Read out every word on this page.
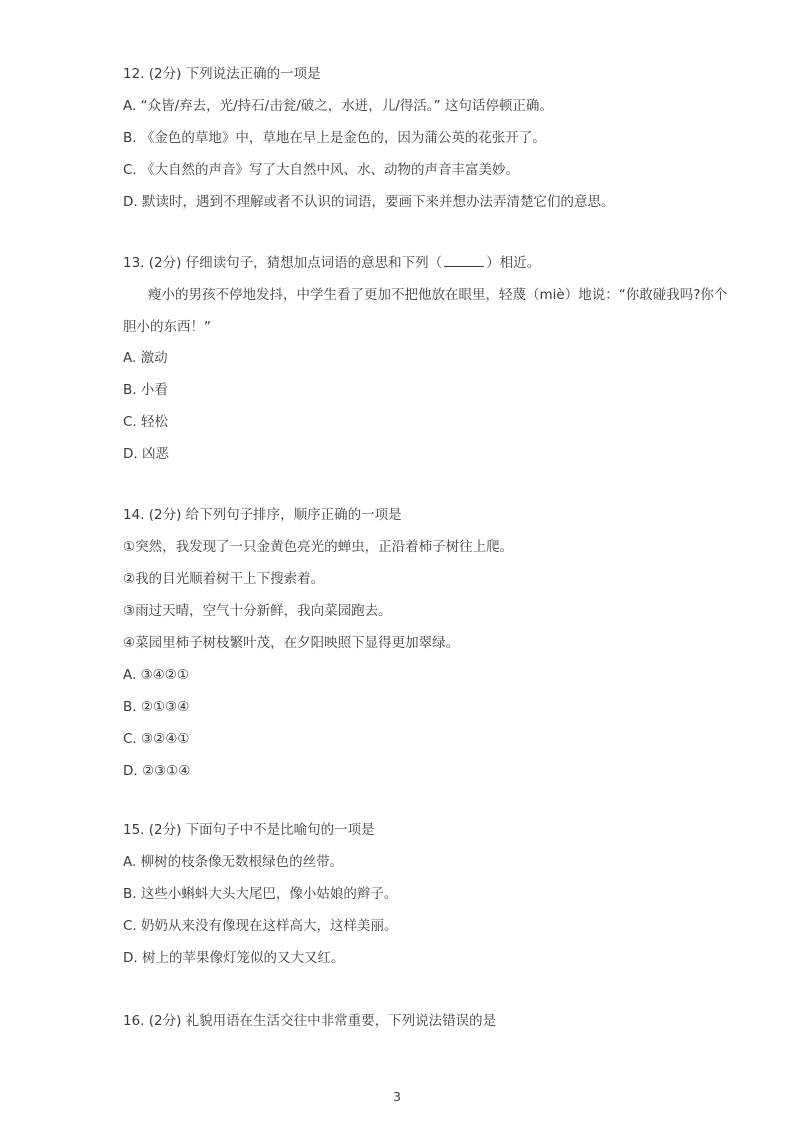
12. (2分) 下列说法正确的一项是
A. “众皆/弃去，光/持石/击瓮/破之，水迸，儿/得活。” 这句话停顿正确。
B. 《金色的草地》中，草地在早上是金色的，因为蒲公英的花张开了。
C. 《大自然的声音》写了大自然中风、水、动物的声音丰富美妙。
D. 默读时，遇到不理解或者不认识的词语，要画下来并想办法弄清楚它们的意思。
13. (2分) 仔细读句子，猜想加点词语的意思和下列（	）相近。
瘦小的男孩不停地发抖，中学生看了更加不把他放在眼里，轻蔑（miè）地说：“你敢碰我吗?你个
胆小的东西！”
A. 激动
B. 小看
C. 轻松
D. 凶恶
14. (2分) 给下列句子排序，顺序正确的一项是
①突然，我发现了一只金黄色亮光的蝉虫，正沿着柿子树往上爬。
②我的目光顺着树干上下搜索着。
③雨过天晴，空气十分新鲜，我向菜园跑去。
④菜园里柿子树枝繁叶茂，在夕阳映照下显得更加翠绿。
A. ③④②①
B. ②①③④
C. ③②④①
D. ②③①④
15. (2分) 下面句子中不是比喻句的一项是
A. 柳树的枝条像无数根绿色的丝带。
B. 这些小蝌蚪大头大尾巴，像小姑娘的辫子。
C. 奶奶从来没有像现在这样高大，这样美丽。
D. 树上的苹果像灯笼似的又大又红。
16. (2分) 礼貌用语在生活交往中非常重要，下列说法错误的是
3
